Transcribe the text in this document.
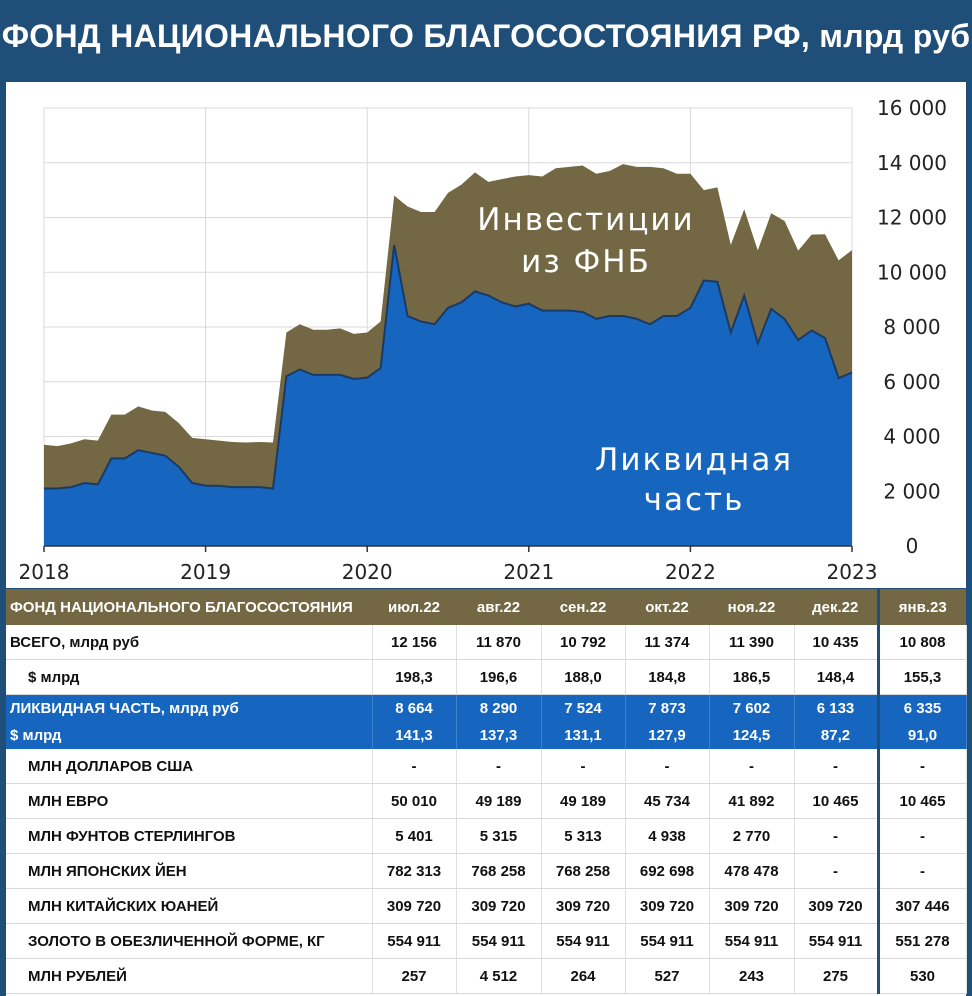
ФОНД НАЦИОНАЛЬНОГО БЛАГОСОСТОЯНИЯ РФ, млрд руб
0
2 000
4 000
6 000
8 000
10 000
12 000
14 000
16 000
2018	2019	2020	2021	2022	2023
Инвестиции
из ФНБ
Ликвидная
часть
ФОНД НАЦИОНАЛЬНОГО БЛАГОСОСТОЯНИЯ	июл.22	авг.22	сен.22	окт.22	ноя.22	дек.22	янв.23
ВСЕГО, млрд руб	12 156	11 870	10 792	11 374	11 390	10 435	10 808
$ млрд	198,3	196,6	188,0	184,8	186,5	148,4	155,3
ЛИКВИДНАЯ ЧАСТЬ, млрд руб	8 664	8 290	7 524	7 873	7 602	6 133	6 335
$ млрд	141,3	137,3	131,1	127,9	124,5	87,2	91,0
МЛН ДОЛЛАРОВ США	-	-	-	-	-	-	-
МЛН ЕВРО	50 010	49 189	49 189	45 734	41 892	10 465	10 465
МЛН ФУНТОВ СТЕРЛИНГОВ	5 401	5 315	5 313	4 938	2 770	-	-
МЛН ЯПОНСКИХ ЙЕН	782 313	768 258	768 258	692 698	478 478	-	-
МЛН КИТАЙСКИХ ЮАНЕЙ	309 720	309 720	309 720	309 720	309 720	309 720	307 446
ЗОЛОТО В ОБЕЗЛИЧЕННОЙ ФОРМЕ, КГ	554 911	554 911	554 911	554 911	554 911	554 911	551 278
МЛН РУБЛЕЙ	257	4 512	264	527	243	275	530
